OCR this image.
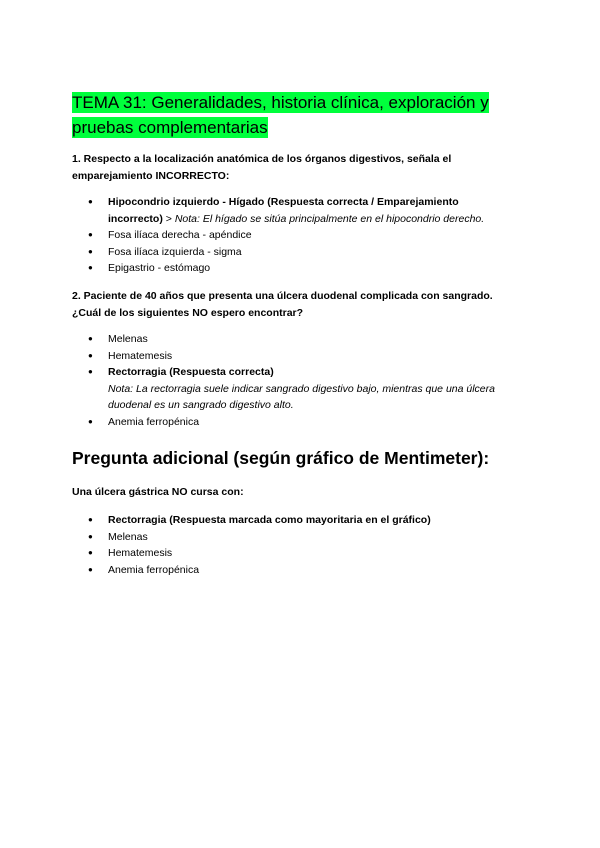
TEMA 31: Generalidades, historia clínica, exploración y
pruebas complementarias

1. Respecto a la localización anatómica de los órganos digestivos, señala el
emparejamiento INCORRECTO:

● Hipocondrio izquierdo - Hígado (Respuesta correcta / Emparejamiento
incorrecto) > Nota: El hígado se sitúa principalmente en el hipocondrio derecho.
● Fosa ilíaca derecha - apéndice
● Fosa ilíaca izquierda - sigma
● Epigastrio - estómago

2. Paciente de 40 años que presenta una úlcera duodenal complicada con sangrado.
¿Cuál de los siguientes NO espero encontrar?

● Melenas
● Hematemesis
● Rectorragia (Respuesta correcta)
Nota: La rectorragia suele indicar sangrado digestivo bajo, mientras que una úlcera
duodenal es un sangrado digestivo alto.
● Anemia ferropénica
Pregunta adicional (según gráfico de Mentimeter):

Una úlcera gástrica NO cursa con:

● Rectorragia (Respuesta marcada como mayoritaria en el gráfico)
● Melenas
● Hematemesis
● Anemia ferropénica
